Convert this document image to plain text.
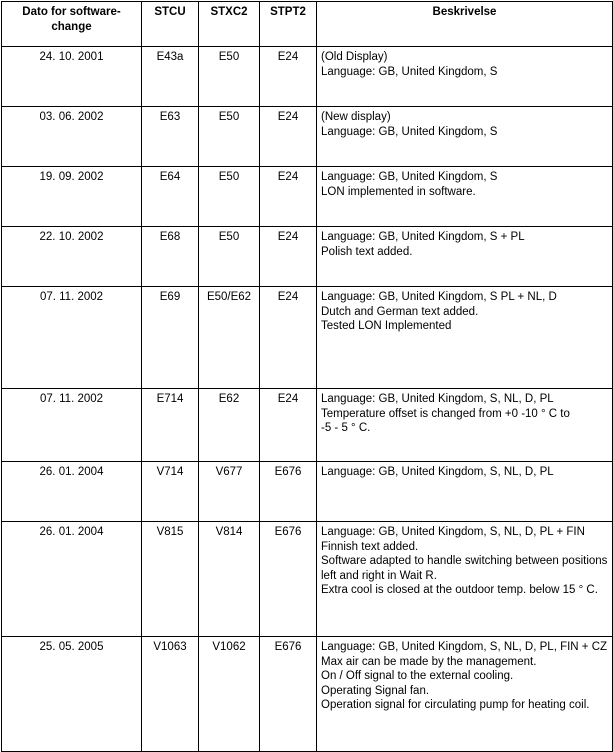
Dato for software-change	STCU	STXC2	STPT2	Beskrivelse
24. 10. 2001	E43a	E50	E24	(Old Display)
Language: GB, United Kingdom, S

03. 06. 2002	E63	E50	E24	(New display)
Language: GB, United Kingdom, S

19. 09. 2002	E64	E50	E24	Language: GB, United Kingdom, S
LON implemented in software.

22. 10. 2002	E68	E50	E24	Language: GB, United Kingdom, S + PL
Polish text added.

07. 11. 2002	E69	E50/E62	E24	Language: GB, United Kingdom, S PL + NL, D
Dutch and German text added.
Tested LON Implemented

07. 11. 2002	E714	E62	E24	Language: GB, United Kingdom, S, NL, D, PL
Temperature offset is changed from +0 -10 ° C to
-5 - 5 ° C.

26. 01. 2004	V714	V677	E676	Language: GB, United Kingdom, S, NL, D, PL

26. 01. 2004	V815	V814	E676	Language: GB, United Kingdom, S, NL, D, PL + FIN
Finnish text added.
Software adapted to handle switching between positions left and right in Wait R.
Extra cool is closed at the outdoor temp. below 15 ° C.

25. 05. 2005	V1063	V1062	E676	Language: GB, United Kingdom, S, NL, D, PL, FIN + CZ
Max air can be made by the management.
On / Off signal to the external cooling.
Operating Signal fan.
Operation signal for circulating pump for heating coil.
